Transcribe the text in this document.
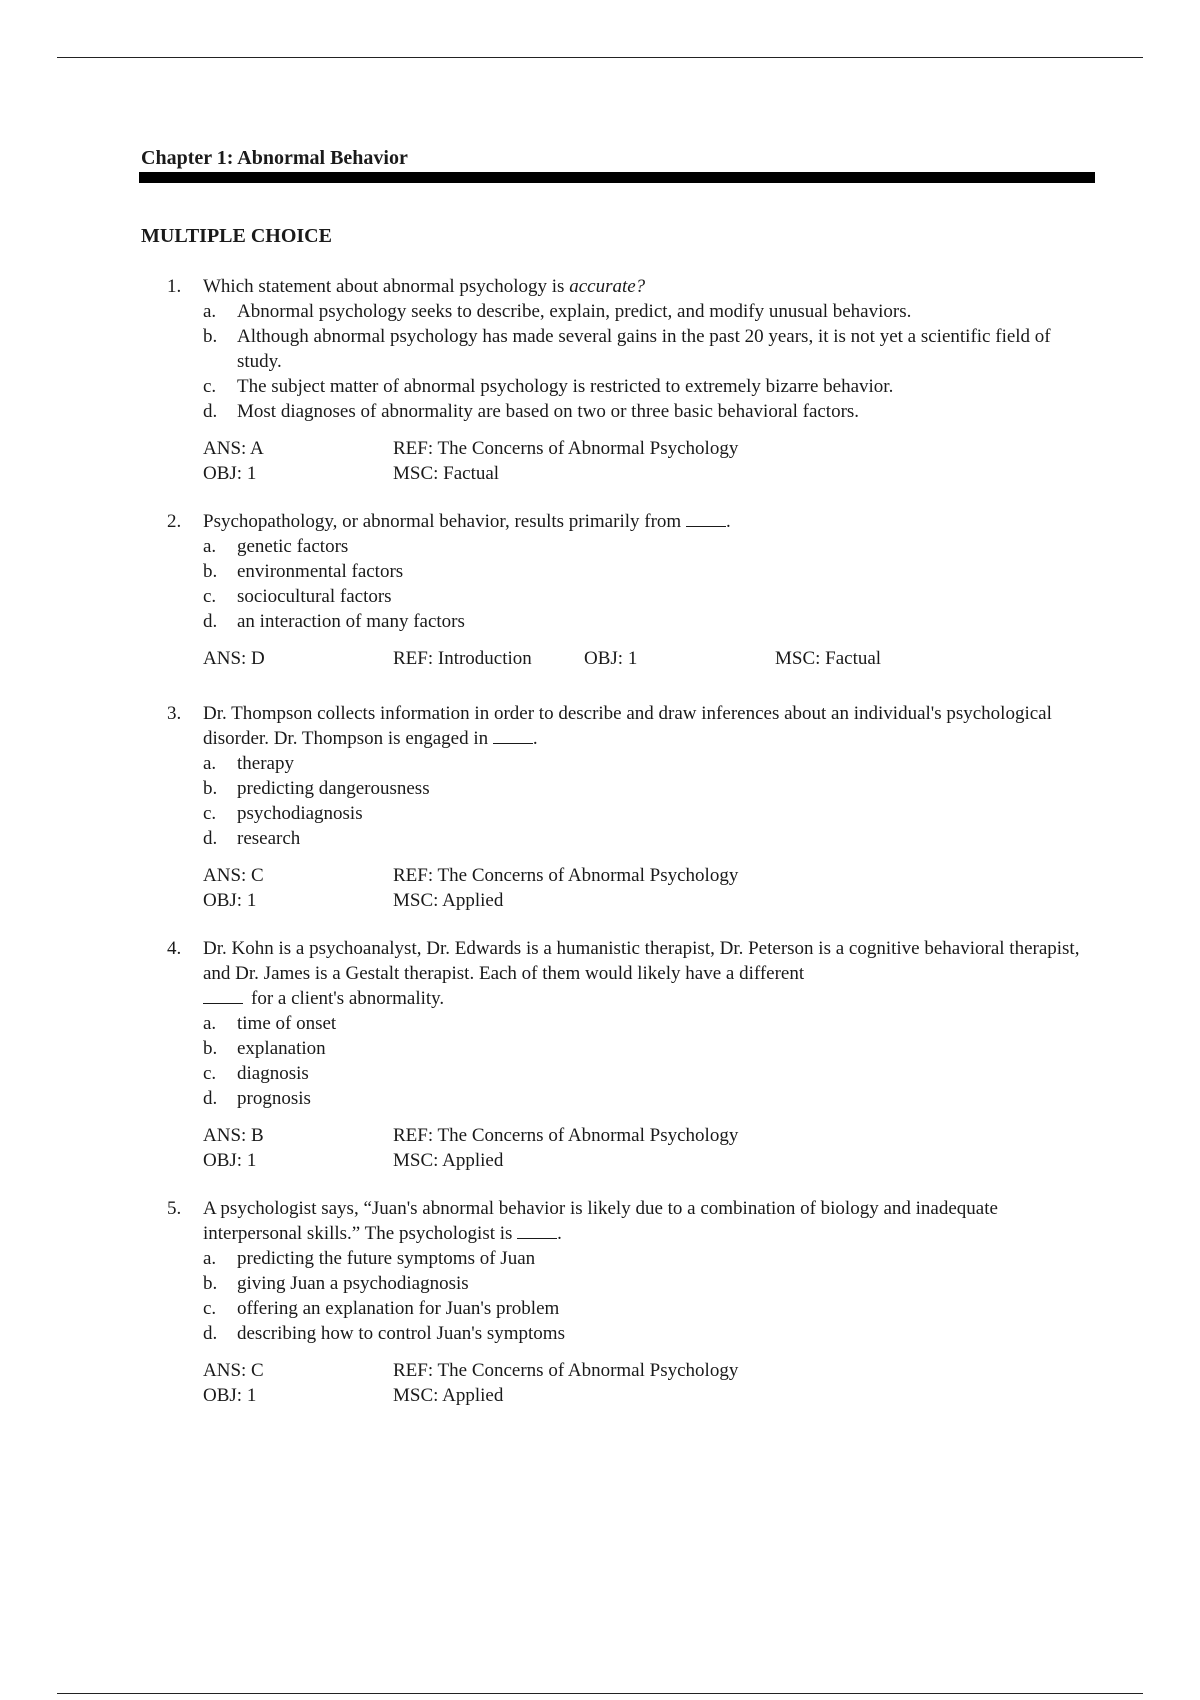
Chapter 1: Abnormal Behavior
MULTIPLE CHOICE
1.	Which statement about abnormal psychology is accurate?
a.	Abnormal psychology seeks to describe, explain, predict, and modify unusual behaviors.
b.	Although abnormal psychology has made several gains in the past 20 years, it is not yet a scientific field of study.
c.	The subject matter of abnormal psychology is restricted to extremely bizarre behavior.
d.	Most diagnoses of abnormality are based on two or three basic behavioral factors.
ANS: A	REF: The Concerns of Abnormal Psychology
OBJ: 1	MSC: Factual
2.	Psychopathology, or abnormal behavior, results primarily from .
a.	genetic factors
b.	environmental factors
c.	sociocultural factors
d.	an interaction of many factors
ANS: D	REF: Introduction	OBJ: 1	MSC: Factual
3.	Dr. Thompson collects information in order to describe and draw inferences about an individual's psychological disorder. Dr. Thompson is engaged in .
a.	therapy
b.	predicting dangerousness
c.	psychodiagnosis
d.	research
ANS: C	REF: The Concerns of Abnormal Psychology
OBJ: 1	MSC: Applied
4.	Dr. Kohn is a psychoanalyst, Dr. Edwards is a humanistic therapist, Dr. Peterson is a cognitive behavioral therapist, and Dr. James is a Gestalt therapist. Each of them would likely have a different
for a client's abnormality.
a.	time of onset
b.	explanation
c.	diagnosis
d.	prognosis
ANS: B	REF: The Concerns of Abnormal Psychology
OBJ: 1	MSC: Applied
5.	A psychologist says, “Juan's abnormal behavior is likely due to a combination of biology and inadequate interpersonal skills.” The psychologist is .
a.	predicting the future symptoms of Juan
b.	giving Juan a psychodiagnosis
c.	offering an explanation for Juan's problem
d.	describing how to control Juan's symptoms
ANS: C	REF: The Concerns of Abnormal Psychology
OBJ: 1	MSC: Applied
